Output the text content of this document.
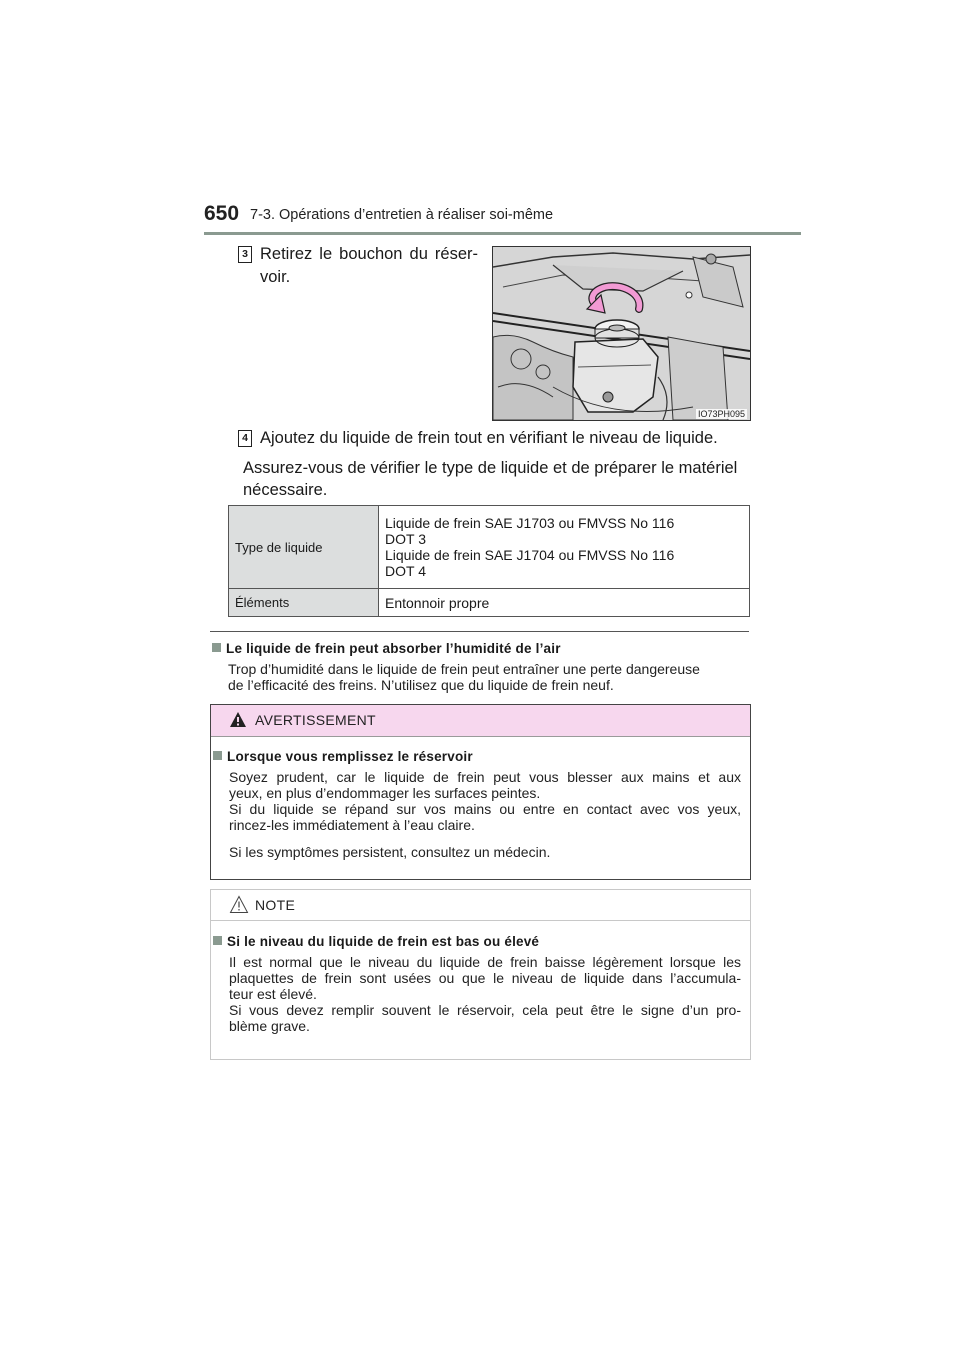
650 7-3. Opérations d’entretien à réaliser soi-même
3 Retirez le bouchon du réser-
voir.
IO73PH095
4 Ajoutez du liquide de frein tout en vérifiant le niveau de liquide.
Assurez-vous de vérifier le type de liquide et de préparer le matériel
nécessaire.
Type de liquide	Liquide de frein SAE J1703 ou FMVSS No 116
DOT 3
Liquide de frein SAE J1704 ou FMVSS No 116
DOT 4

Éléments	Entonnoir propre
Le liquide de frein peut absorber l’humidité de l’air
Trop d’humidité dans le liquide de frein peut entraîner une perte dangereuse
de l’efficacité des freins. N’utilisez que du liquide de frein neuf.
AVERTISSEMENT
Lorsque vous remplissez le réservoir
Soyez prudent, car le liquide de frein peut vous blesser aux mains et aux
yeux, en plus d’endommager les surfaces peintes.
Si du liquide se répand sur vos mains ou entre en contact avec vos yeux,
rincez-les immédiatement à l’eau claire.
Si les symptômes persistent, consultez un médecin.
NOTE
Si le niveau du liquide de frein est bas ou élevé
Il est normal que le niveau du liquide de frein baisse légèrement lorsque les
plaquettes de frein sont usées ou que le niveau de liquide dans l’accumula-
teur est élevé.
Si vous devez remplir souvent le réservoir, cela peut être le signe d’un pro-
blème grave.
